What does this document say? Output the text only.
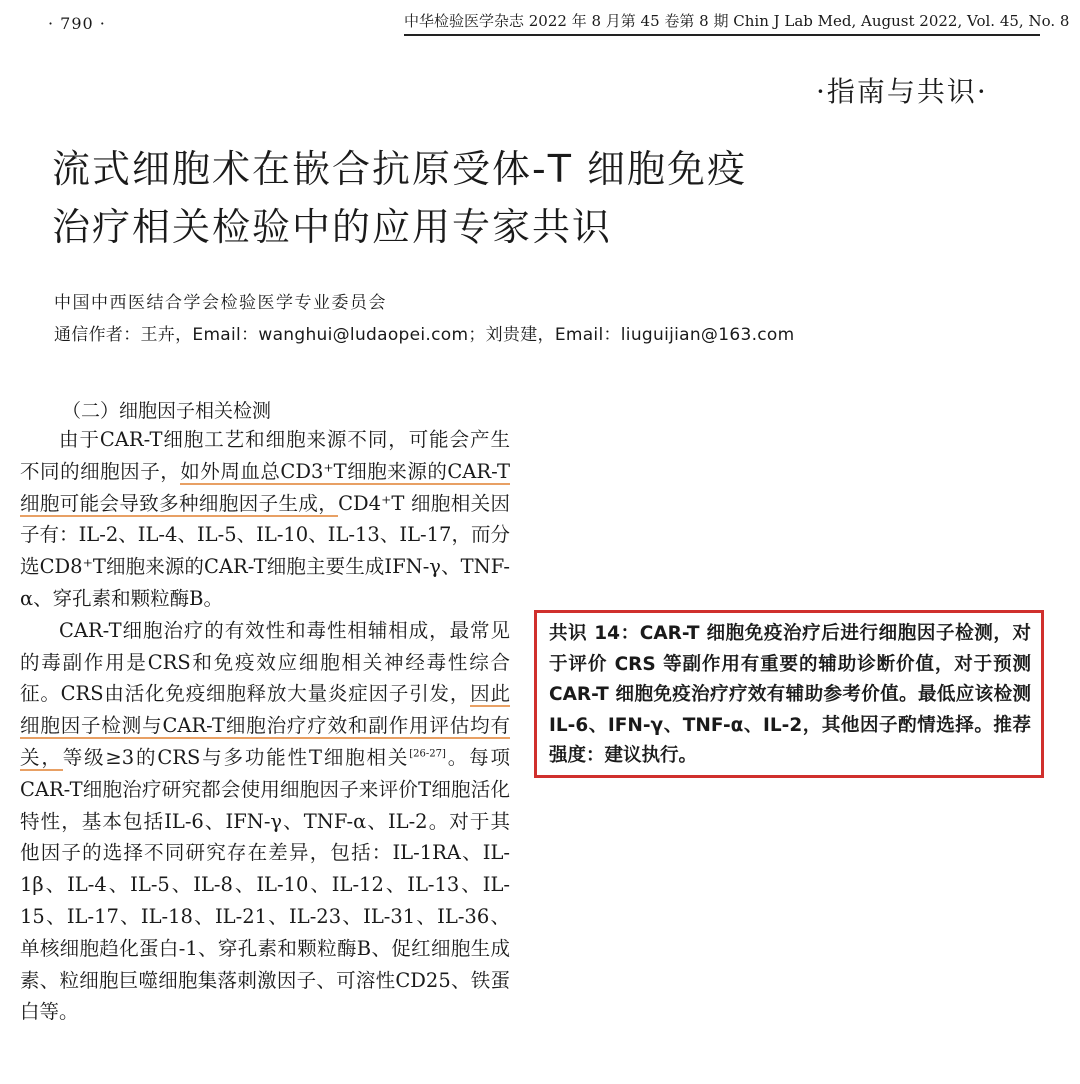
· 790 ·	中华检验医学杂志 2022 年 8 月第 45 卷第 8 期 Chin J Lab Med, August 2022, Vol. 45, No. 8
·指南与共识·
流式细胞术在嵌合抗原受体-T 细胞免疫
治疗相关检验中的应用专家共识
中国中西医结合学会检验医学专业委员会
通信作者：王卉，Email：wanghui@ludaopei.com；刘贵建，Email：liuguijian@163.com
（二）细胞因子相关检测

由于CAR-T细胞工艺和细胞来源不同，可能会产生不同的细胞因子，如外周血总CD3⁺T细胞来源的CAR-T细胞可能会导致多种细胞因子生成，CD4⁺T 细胞相关因子有：IL-2、IL-4、IL-5、IL-10、IL-13、IL-17，而分选CD8⁺T细胞来源的CAR-T细胞主要生成IFN-γ、TNF-α、穿孔素和颗粒酶B。

CAR-T细胞治疗的有效性和毒性相辅相成，最常见的毒副作用是CRS和免疫效应细胞相关神经毒性综合征。CRS由活化免疫细胞释放大量炎症因子引发，因此细胞因子检测与CAR-T细胞治疗疗效和副作用评估均有关，等级≥3的CRS与多功能性T细胞相关[26-27]。每项CAR-T细胞治疗研究都会使用细胞因子来评价T细胞活化特性，基本包括IL-6、IFN-γ、TNF-α、IL-2。对于其他因子的选择不同研究存在差异，包括：IL-1RA、IL-1β、IL-4、IL-5、IL-8、IL-10、IL-12、IL-13、IL-15、IL-17、IL-18、IL-21、IL-23、IL-31、IL-36、单核细胞趋化蛋白-1、穿孔素和颗粒酶B、促红细胞生成素、粒细胞巨噬细胞集落刺激因子、可溶性CD25、铁蛋白等。

共识 14：CAR-T 细胞免疫治疗后进行细胞因子检测，对于评价 CRS 等副作用有重要的辅助诊断价值，对于预测 CAR-T 细胞免疫治疗疗效有辅助参考价值。最低应该检测 IL-6、IFN-γ、TNF-α、IL-2，其他因子酌情选择。推荐强度：建议执行。
